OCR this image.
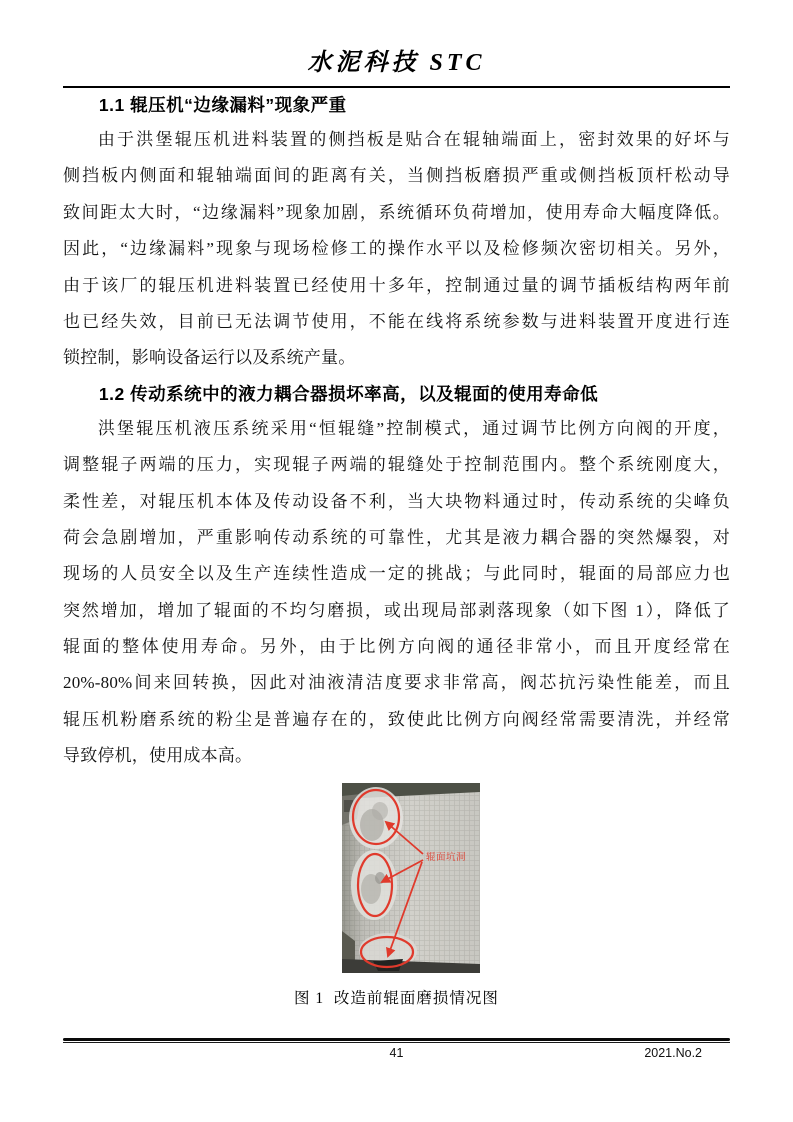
水泥科技 STC
1.1 辊压机“边缘漏料”现象严重
由于洪堡辊压机进料装置的侧挡板是贴合在辊轴端面上，密封效果的好坏与
侧挡板内侧面和辊轴端面间的距离有关，当侧挡板磨损严重或侧挡板顶杆松动导
致间距太大时，“边缘漏料”现象加剧，系统循环负荷增加，使用寿命大幅度降低。
因此，“边缘漏料”现象与现场检修工的操作水平以及检修频次密切相关。另外，
由于该厂的辊压机进料装置已经使用十多年，控制通过量的调节插板结构两年前
也已经失效，目前已无法调节使用，不能在线将系统参数与进料装置开度进行连
锁控制，影响设备运行以及系统产量。
1.2 传动系统中的液力耦合器损坏率高，以及辊面的使用寿命低
洪堡辊压机液压系统采用“恒辊缝”控制模式，通过调节比例方向阀的开度，
调整辊子两端的压力，实现辊子两端的辊缝处于控制范围内。整个系统刚度大，
柔性差，对辊压机本体及传动设备不利，当大块物料通过时，传动系统的尖峰负
荷会急剧增加，严重影响传动系统的可靠性，尤其是液力耦合器的突然爆裂，对
现场的人员安全以及生产连续性造成一定的挑战；与此同时，辊面的局部应力也
突然增加，增加了辊面的不均匀磨损，或出现局部剥落现象（如下图 1），降低了
辊面的整体使用寿命。另外，由于比例方向阀的通径非常小，而且开度经常在
20%-80%间来回转换，因此对油液清洁度要求非常高，阀芯抗污染性能差，而且
辊压机粉磨系统的粉尘是普遍存在的，致使此比例方向阀经常需要清洗，并经常
导致停机，使用成本高。
辊面坑洞
图 1  改造前辊面磨损情况图
41	2021.No.2
